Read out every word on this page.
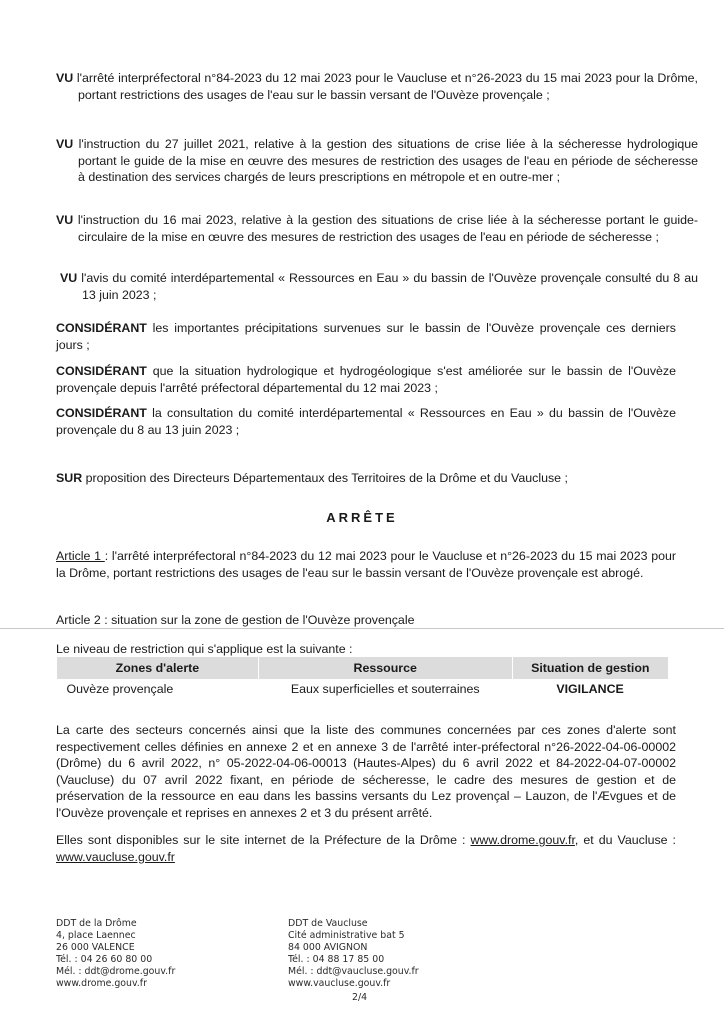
VU l'arrêté interpréfectoral n°84-2023 du 12 mai 2023 pour le Vaucluse et n°26-2023 du 15 mai 2023 pour la Drôme, portant restrictions des usages de l'eau sur le bassin versant de l'Ouvèze provençale ;
VU l'instruction du 27 juillet 2021, relative à la gestion des situations de crise liée à la sécheresse hydrologique portant le guide de la mise en œuvre des mesures de restriction des usages de l'eau en période de sécheresse à destination des services chargés de leurs prescriptions en métropole et en outre-mer ;
VU l'instruction du 16 mai 2023, relative à la gestion des situations de crise liée à la sécheresse portant le guide-circulaire de la mise en œuvre des mesures de restriction des usages de l'eau en période de sécheresse ;
VU l'avis du comité interdépartemental « Ressources en Eau » du bassin de l'Ouvèze provençale consulté du 8 au 13 juin 2023 ;
CONSIDÉRANT les importantes précipitations survenues sur le bassin de l'Ouvèze provençale ces derniers jours ;
CONSIDÉRANT que la situation hydrologique et hydrogéologique s'est améliorée sur le bassin de l'Ouvèze provençale depuis l'arrêté préfectoral départemental du 12 mai 2023 ;
CONSIDÉRANT la consultation du comité interdépartemental « Ressources en Eau » du bassin de l'Ouvèze provençale du 8 au 13 juin 2023 ;
SUR proposition des Directeurs Départementaux des Territoires de la Drôme et du Vaucluse ;
ARRÊTE
Article 1 : l'arrêté interpréfectoral n°84-2023 du 12 mai 2023 pour le Vaucluse et n°26-2023 du 15 mai 2023 pour la Drôme, portant restrictions des usages de l'eau sur le bassin versant de l'Ouvèze provençale est abrogé.
Article 2 : situation sur la zone de gestion de l'Ouvèze provençale
Le niveau de restriction qui s'applique est la suivante :
Zones d'alerte	Ressource	Situation de gestion
Ouvèze provençale	Eaux superficielles et souterraines	VIGILANCE
La carte des secteurs concernés ainsi que la liste des communes concernées par ces zones d'alerte sont respectivement celles définies en annexe 2 et en annexe 3 de l'arrêté inter-préfectoral n°26-2022-04-06-00002 (Drôme) du 6 avril 2022, n° 05-2022-04-06-00013 (Hautes-Alpes) du 6 avril 2022 et 84-2022-04-07-00002 (Vaucluse) du 07 avril 2022 fixant, en période de sécheresse, le cadre des mesures de gestion et de préservation de la ressource en eau dans les bassins versants du Lez provençal – Lauzon, de l'Ævgues et de l'Ouvèze provençale et reprises en annexes 2 et 3 du présent arrêté.
Elles sont disponibles sur le site internet de la Préfecture de la Drôme : www.drome.gouv.fr, et du Vaucluse : www.vaucluse.gouv.fr
DDT de la Drôme
4, place Laennec
26 000 VALENCE
Tél. : 04 26 60 80 00
Mél. : ddt@drome.gouv.fr
www.drome.gouv.fr
DDT de Vaucluse
Cité administrative bat 5
84 000 AVIGNON
Tél. : 04 88 17 85 00
Mél. : ddt@vaucluse.gouv.fr
www.vaucluse.gouv.fr
2/4
